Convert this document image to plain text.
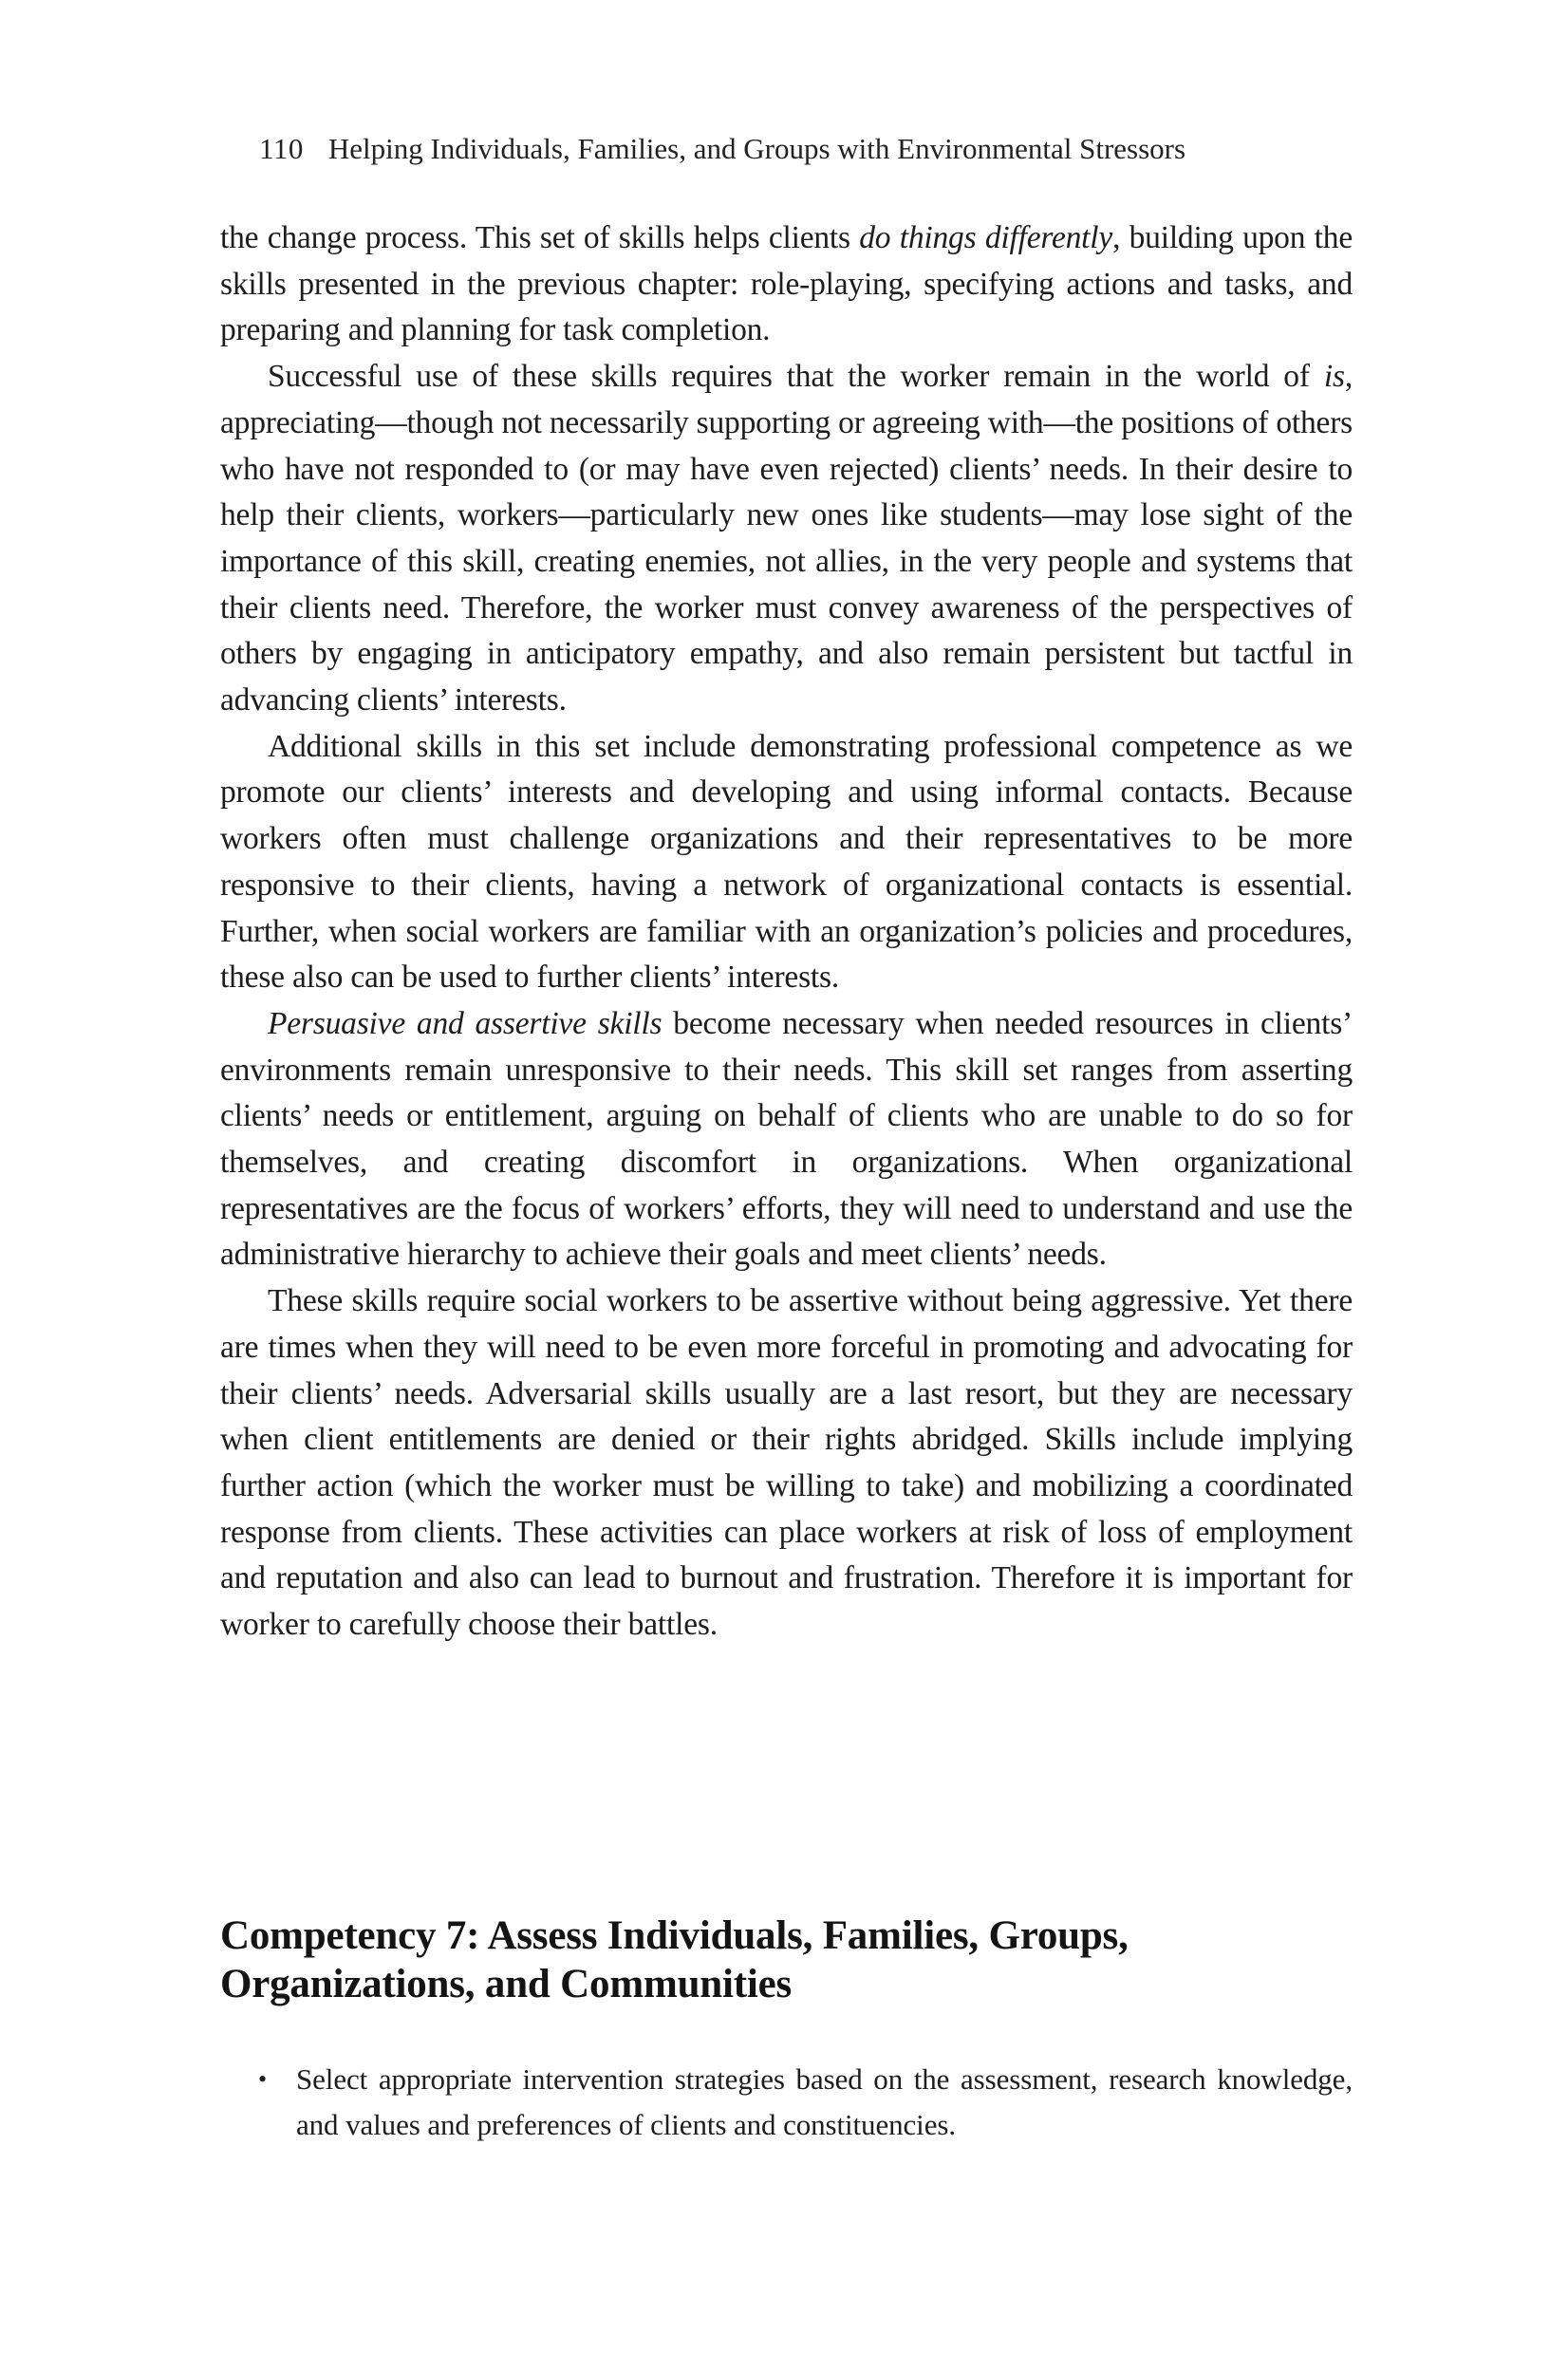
110 Helping Individuals, Families, and Groups with Environmental Stressors

the change process. This set of skills helps clients do things differently, building upon the skills presented in the previous chapter: role-playing, specifying actions and tasks, and preparing and planning for task completion.

Successful use of these skills requires that the worker remain in the world of is, appreciating—though not necessarily supporting or agreeing with—the positions of others who have not responded to (or may have even rejected) clients’ needs. In their desire to help their clients, workers—particularly new ones like students—may lose sight of the importance of this skill, creating enemies, not allies, in the very people and systems that their clients need. Therefore, the worker must convey awareness of the perspectives of others by engaging in anticipatory empathy, and also remain persistent but tactful in advancing clients’ interests.

Additional skills in this set include demonstrating professional competence as we promote our clients’ interests and developing and using informal contacts. Because workers often must challenge organizations and their representatives to be more responsive to their clients, having a network of organizational contacts is essential. Further, when social workers are familiar with an organization’s policies and procedures, these also can be used to further clients’ interests.

Persuasive and assertive skills become necessary when needed resources in clients’ environments remain unresponsive to their needs. This skill set ranges from asserting clients’ needs or entitlement, arguing on behalf of clients who are unable to do so for themselves, and creating discomfort in organizations. When organizational representatives are the focus of workers’ efforts, they will need to understand and use the administrative hierarchy to achieve their goals and meet clients’ needs.

These skills require social workers to be assertive without being aggressive. Yet there are times when they will need to be even more forceful in promoting and advocating for their clients’ needs. Adversarial skills usually are a last resort, but they are necessary when client entitlements are denied or their rights abridged. Skills include implying further action (which the worker must be willing to take) and mobilizing a coordinated response from clients. These activities can place workers at risk of loss of employment and reputation and also can lead to burnout and frustration. Therefore it is important for worker to carefully choose their battles.

Competency 7: Assess Individuals, Families, Groups,
Organizations, and Communities
• Select appropriate intervention strategies based on the assessment, research knowledge, and values and preferences of clients and constituencies.
